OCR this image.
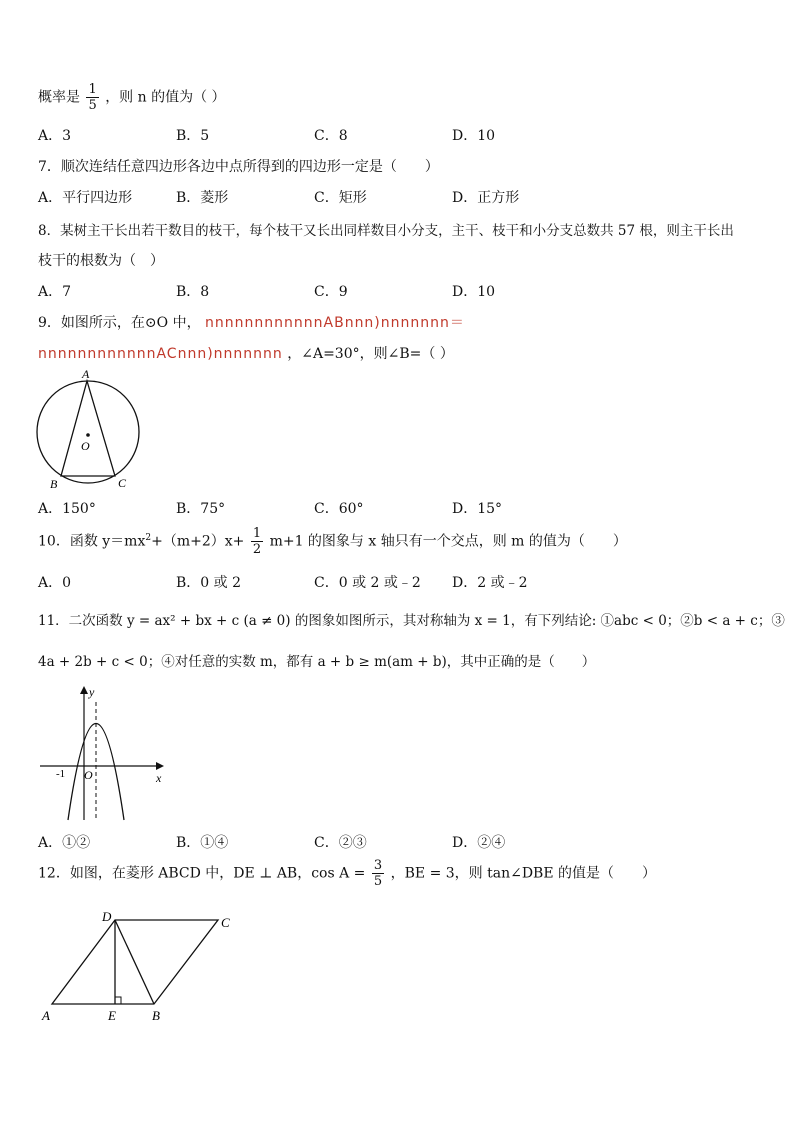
概率是 $\frac{1}{5}$ ，则 n 的值为（ ）
A．3	B．5	C．8	D．10
7．顺次连结任意四边形各边中点所得到的四边形一定是（　　）
A．平行四边形	B．菱形	C．矩形	D．正方形
8．某树主干长出若干数目的枝干，每个枝干又长出同样数目小分支，主干、枝干和小分支总数共 57 根，则主干长出
枝干的根数为（　）
A．7	B．8	C．9	D．10
9．如图所示，在⊙O 中， nnnnnnnnnnnnABnnn)nnnnnnn＝
nnnnnnnnnnnnACnnn)nnnnnnn ，∠A=30°，则∠B=（ ）
A
B	C
O
A．150°	B．75°	C．60°	D．15°
10．函数 $y=mx^2+(m+2)x+ \frac{1}{2} m+1$ 的图象与 x 轴只有一个交点，则 m 的值为（　　）
A．0	B．0 或 2	C．0 或 2 或﹣2 D．2 或﹣2
11．二次函数 y = ax² + bx + c (a ≠ 0) 的图象如图所示，其对称轴为 x = 1，有下列结论: ①abc < 0；②b < a + c；③
4a + 2b + c < 0；④对任意的实数 m，都有 a + b ≥ m(am + b)，其中正确的是（　　）
y
x
O
-1
A．①②	B．①④	C．②③	D．②④
12．如图，在菱形 ABCD 中，DE ⊥ AB，$\cos A = \frac{3}{5}$ ，BE = 3，则 tan∠DBE 的值是（　　）
D	C
A	E	B
